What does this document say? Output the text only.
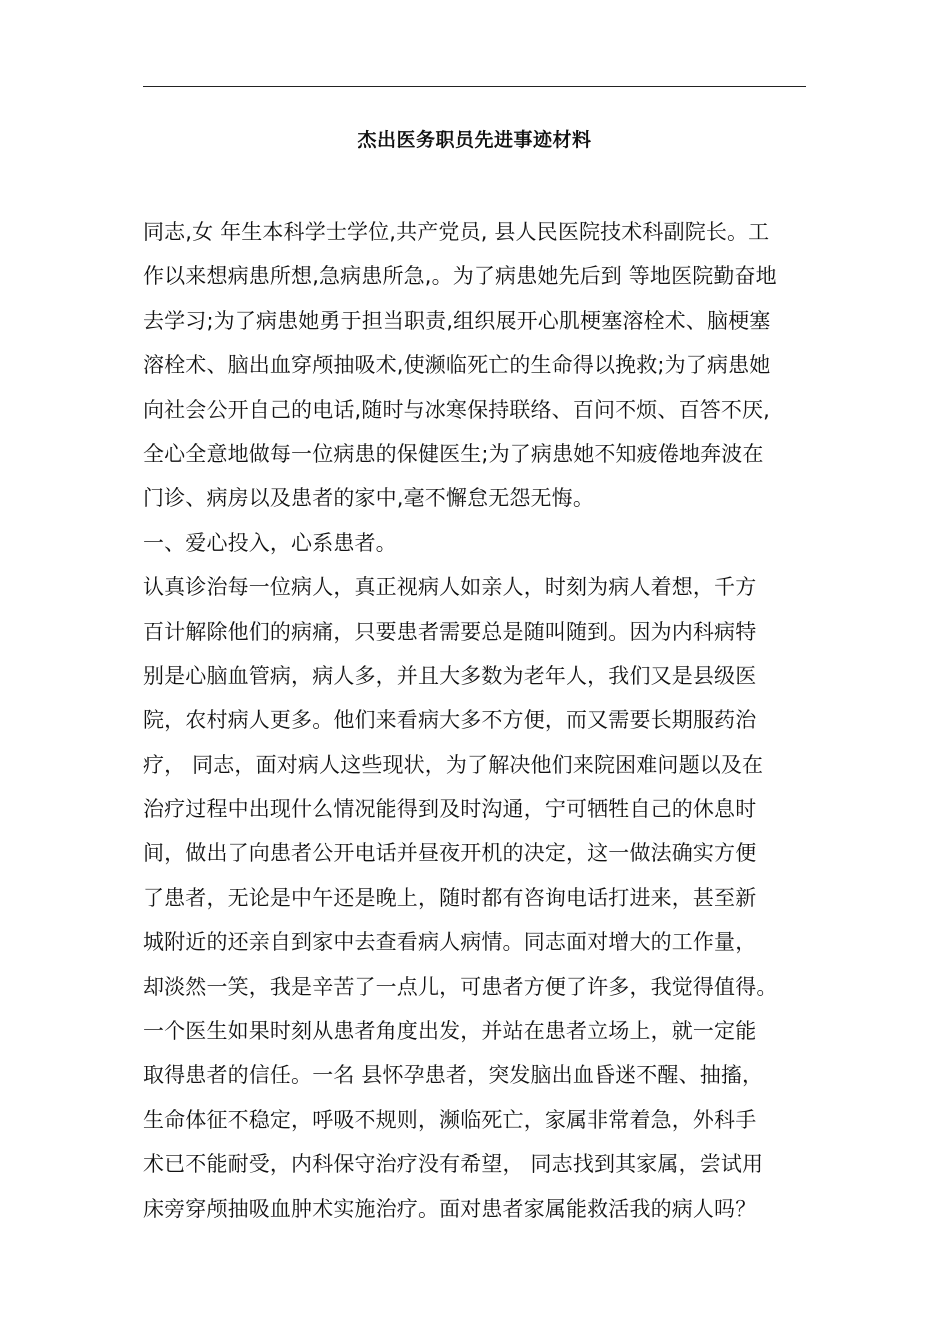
杰出医务职员先进事迹材料
同志,女 年生本科学士学位,共产党员, 县人民医院技术科副院长。工
作以来想病患所想,急病患所急,。为了病患她先后到 等地医院勤奋地
去学习;为了病患她勇于担当职责,组织展开心肌梗塞溶栓术、脑梗塞
溶栓术、脑出血穿颅抽吸术,使濒临死亡的生命得以挽救;为了病患她
向社会公开自己的电话,随时与冰寒保持联络、百问不烦、百答不厌,
全心全意地做每一位病患的保健医生;为了病患她不知疲倦地奔波在
门诊、病房以及患者的家中,毫不懈怠无怨无悔。
一、爱心投入，心系患者。
认真诊治每一位病人，真正视病人如亲人，时刻为病人着想，千方
百计解除他们的病痛，只要患者需要总是随叫随到。因为内科病特
别是心脑血管病，病人多，并且大多数为老年人，我们又是县级医
院，农村病人更多。他们来看病大多不方便，而又需要长期服药治
疗， 同志，面对病人这些现状，为了解决他们来院困难问题以及在
治疗过程中出现什么情况能得到及时沟通，宁可牺牲自己的休息时
间，做出了向患者公开电话并昼夜开机的决定，这一做法确实方便
了患者，无论是中午还是晚上，随时都有咨询电话打进来，甚至新
城附近的还亲自到家中去查看病人病情。同志面对增大的工作量，
却淡然一笑，我是辛苦了一点儿，可患者方便了许多，我觉得值得。
一个医生如果时刻从患者角度出发，并站在患者立场上，就一定能
取得患者的信任。一名 县怀孕患者，突发脑出血昏迷不醒、抽搐，
生命体征不稳定，呼吸不规则，濒临死亡，家属非常着急，外科手
术已不能耐受，内科保守治疗没有希望， 同志找到其家属，尝试用
床旁穿颅抽吸血肿术实施治疗。面对患者家属能救活我的病人吗？
